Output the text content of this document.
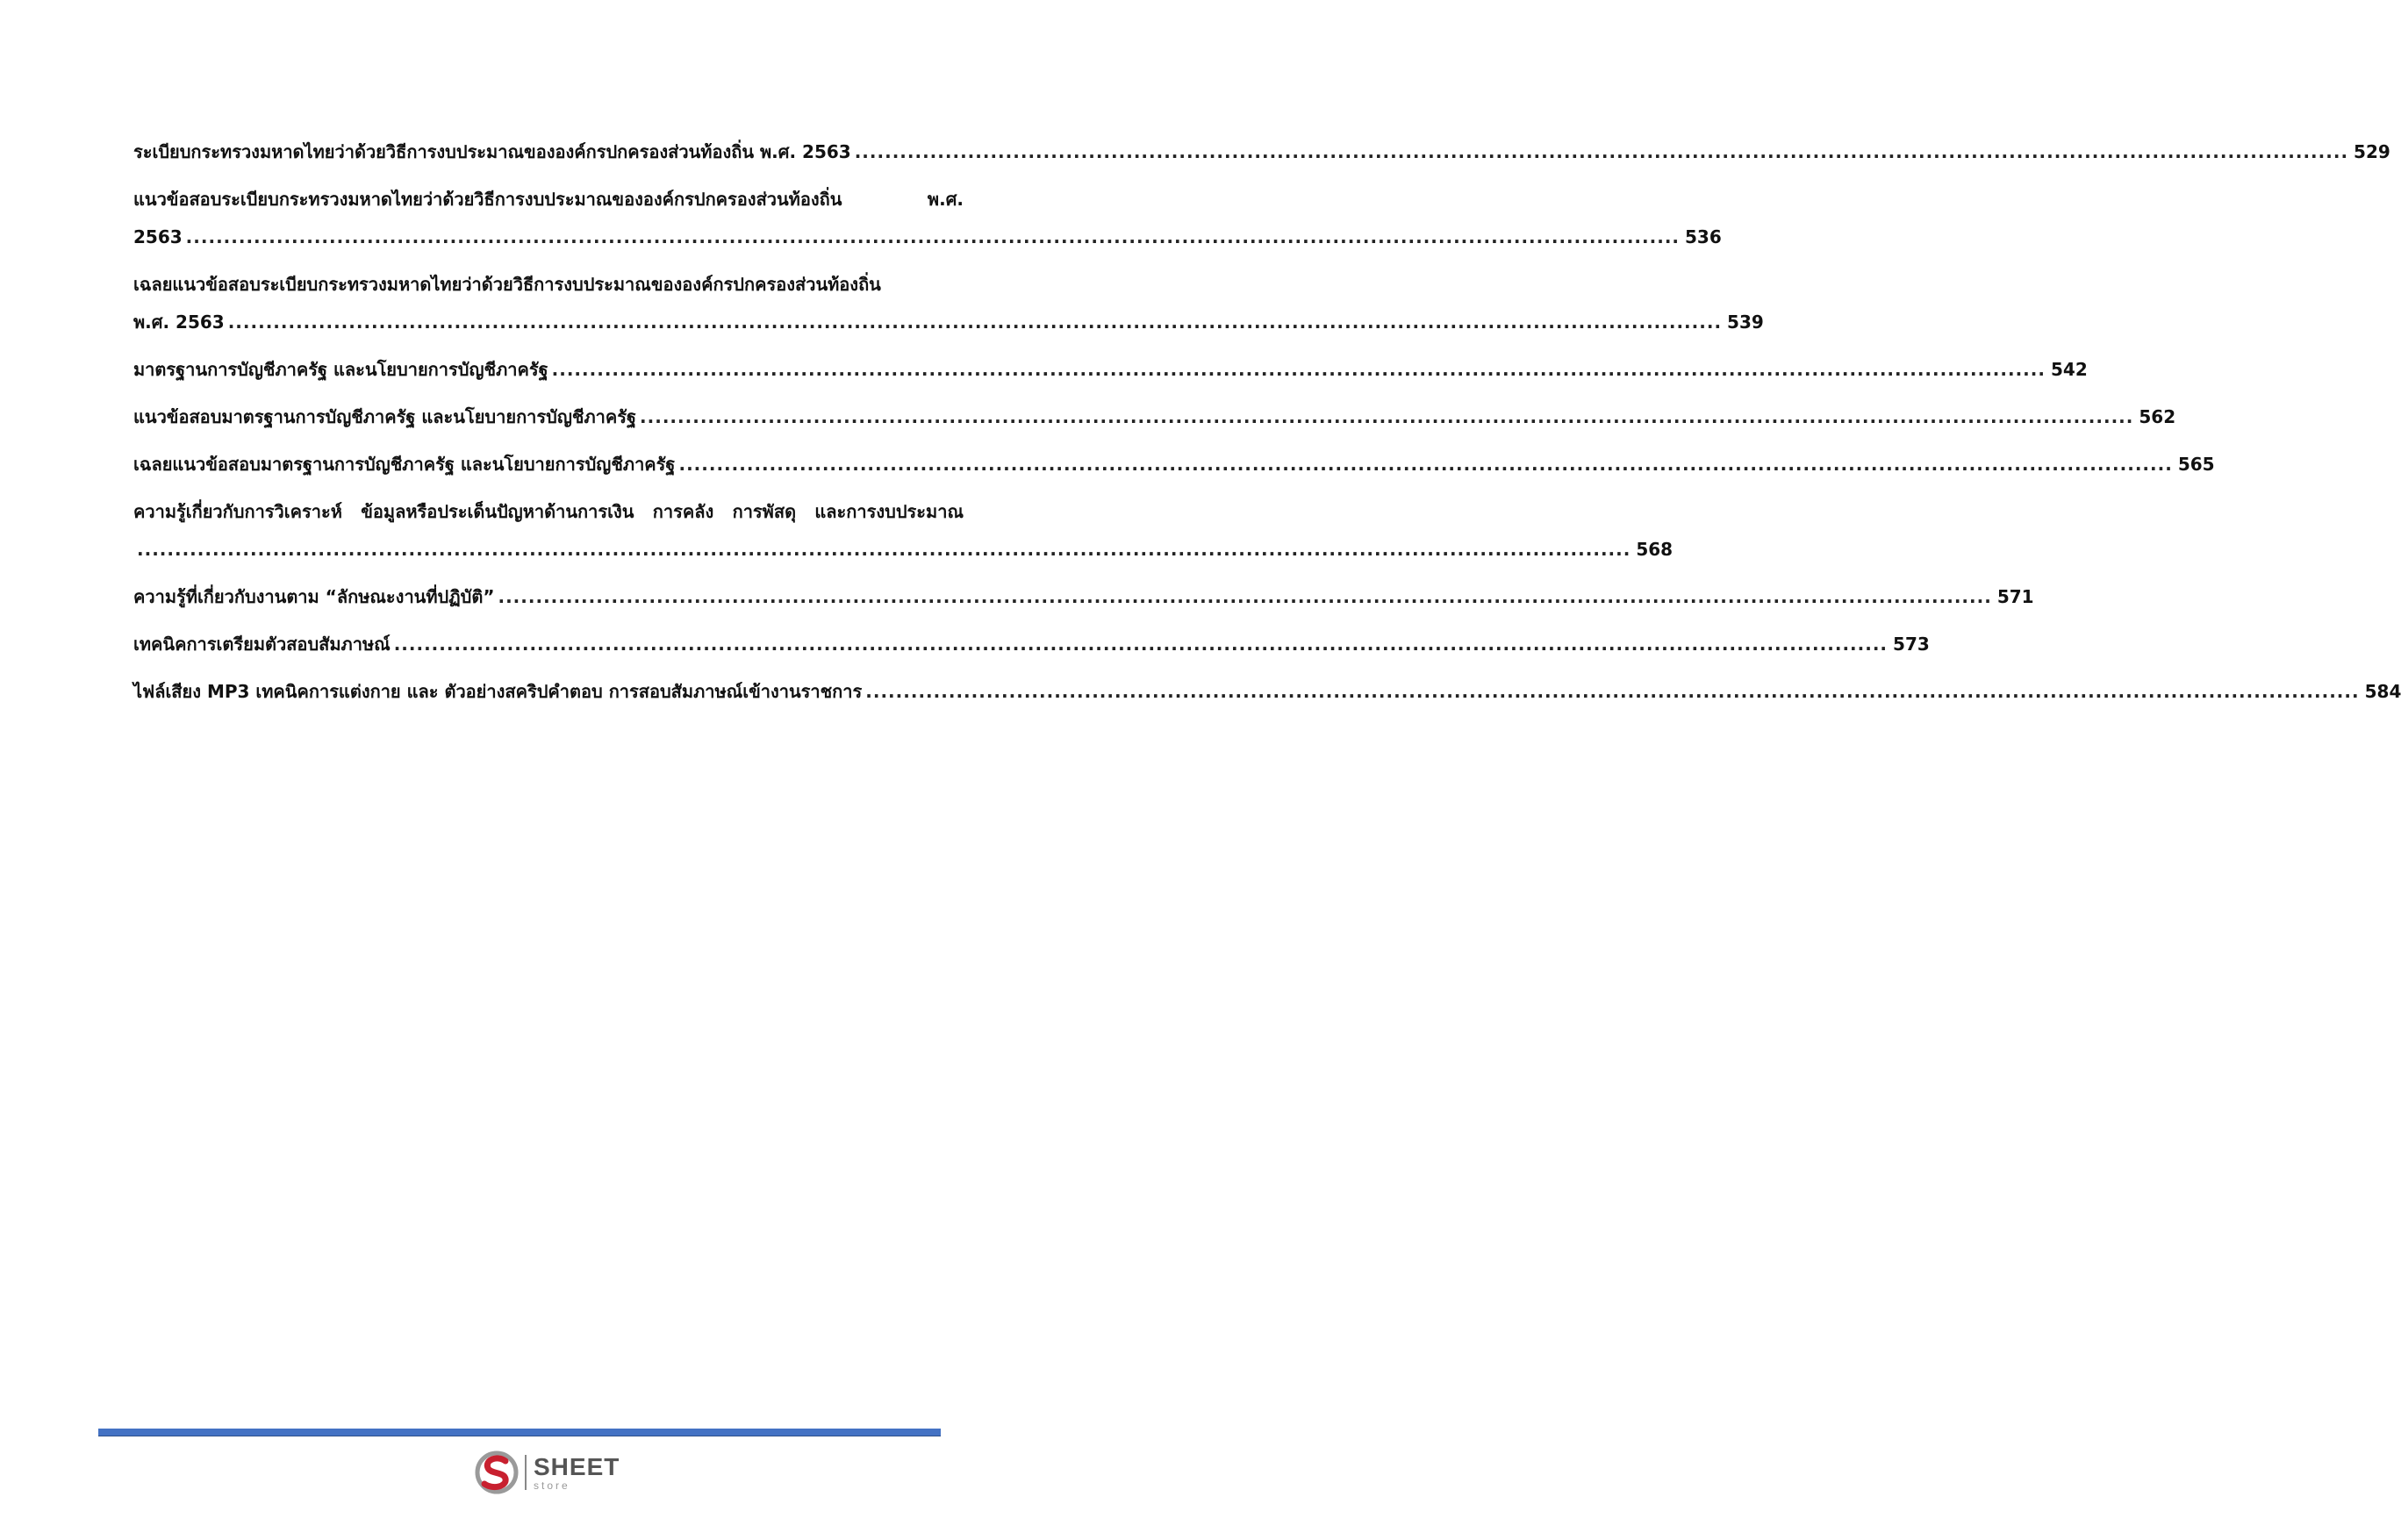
ระเบียบกระทรวงมหาดไทยว่าด้วยวิธีการงบประมาณขององค์กรปกครองส่วนท้องถิ่น พ.ศ. 2563 ...................................................................................................................................................................................................... 529
แนวข้อสอบระเบียบกระทรวงมหาดไทยว่าด้วยวิธีการงบประมาณขององค์กรปกครองส่วนท้องถิ่น พ.ศ.
2563 ...................................................................................................................................................................................................... 536
เฉลยแนวข้อสอบระเบียบกระทรวงมหาดไทยว่าด้วยวิธีการงบประมาณขององค์กรปกครองส่วนท้องถิ่น
พ.ศ. 2563 ...................................................................................................................................................................................................... 539
มาตรฐานการบัญชีภาครัฐ และนโยบายการบัญชีภาครัฐ ...................................................................................................................................................................................................... 542
แนวข้อสอบมาตรฐานการบัญชีภาครัฐ และนโยบายการบัญชีภาครัฐ ...................................................................................................................................................................................................... 562
เฉลยแนวข้อสอบมาตรฐานการบัญชีภาครัฐ และนโยบายการบัญชีภาครัฐ ...................................................................................................................................................................................................... 565
ความรู้เกี่ยวกับการวิเคราะห์ ข้อมูลหรือประเด็นปัญหาด้านการเงิน การคลัง การพัสดุ และการงบประมาณ
...................................................................................................................................................................................................... 568
ความรู้ที่เกี่ยวกับงานตาม “ลักษณะงานที่ปฏิบัติ” ...................................................................................................................................................................................................... 571
เทคนิคการเตรียมตัวสอบสัมภาษณ์ ...................................................................................................................................................................................................... 573
ไฟล์เสียง MP3 เทคนิคการแต่งกาย และ ตัวอย่างสคริปคำตอบ การสอบสัมภาษณ์เข้างานราชการ ...................................................................................................................................................................................................... 584
SHEET
store
